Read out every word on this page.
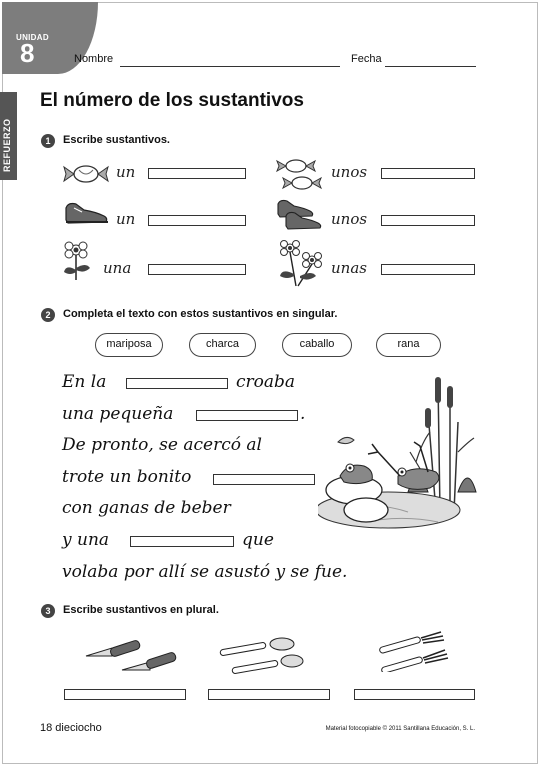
UNIDAD
8
REFUERZO
Nombre	Fecha
El número de los sustantivos
1	Escribe sustantivos.
un	unos
un	unos
una	unas
2	Completa el texto con estos sustantivos en singular.
mariposa	charca	caballo	rana
En la	croaba
una pequeña	.
De pronto, se acercó al
trote un bonito
con ganas de beber
y una	que
volaba por allí se asustó y se fue.
3	Escribe sustantivos en plural.
18 dieciocho	Material fotocopiable © 2011 Santillana Educación, S. L.
